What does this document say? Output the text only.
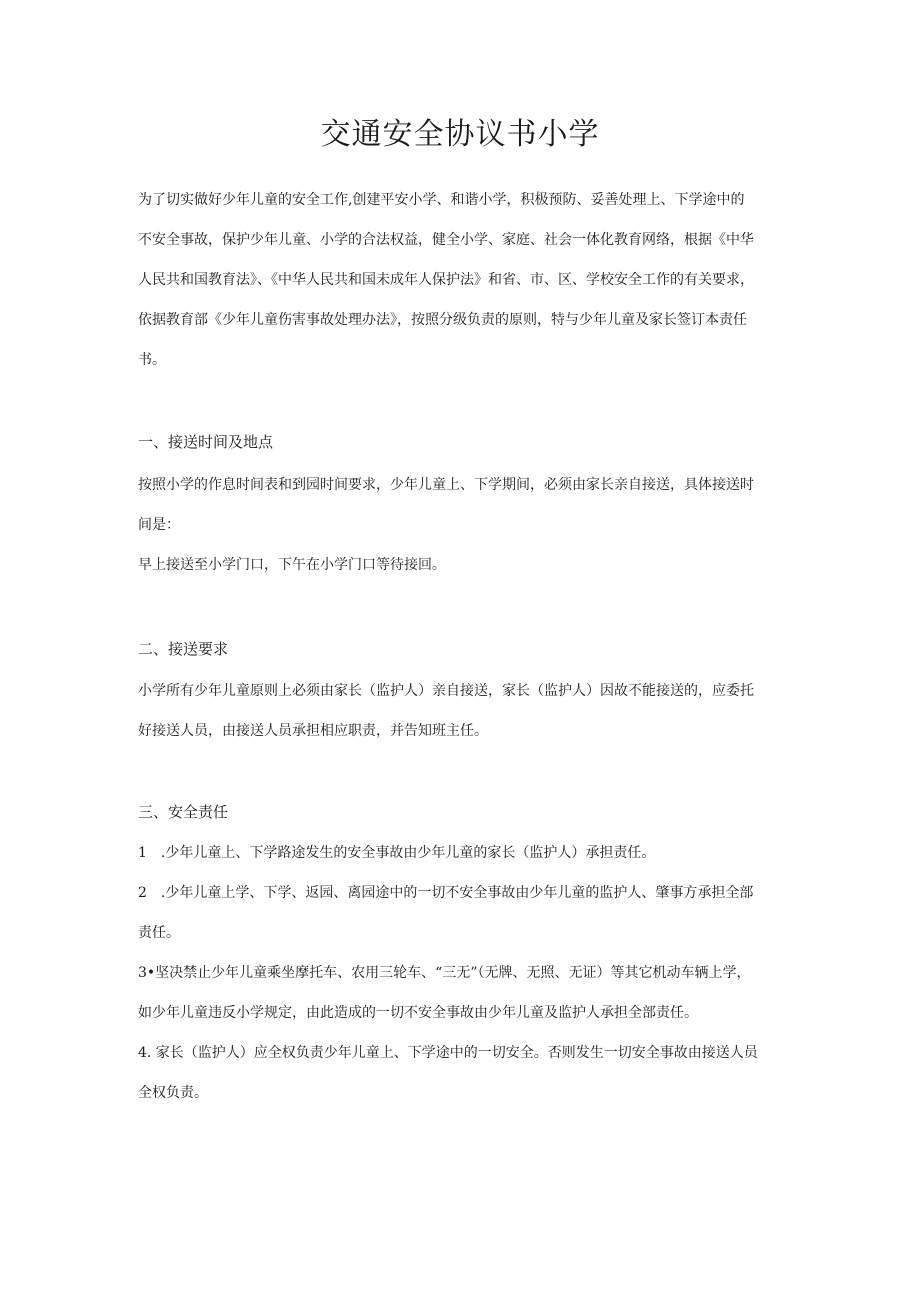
交通安全协议书小学
为了切实做好少年儿童的安全工作,创建平安小学、和谐小学，积极预防、妥善处理上、下学途中的
不安全事故，保护少年儿童、小学的合法权益，健全小学、家庭、社会一体化教育网络，根据《中华
人民共和国教育法》、《中华人民共和国未成年人保护法》和省、市、区、学校安全工作的有关要求，
依据教育部《少年儿童伤害事故处理办法》，按照分级负责的原则，特与少年儿童及家长签订本责任
书。
一、接送时间及地点
按照小学的作息时间表和到园时间要求，少年儿童上、下学期间，必须由家长亲自接送，具体接送时
间是：
早上接送至小学门口，下午在小学门口等待接回。
二、接送要求
小学所有少年儿童原则上必须由家长（监护人）亲自接送，家长（监护人）因故不能接送的，应委托
好接送人员，由接送人员承担相应职责，并告知班主任。
三、安全责任
1　.少年儿童上、下学路途发生的安全事故由少年儿童的家长（监护人）承担责任。
2　.少年儿童上学、下学、返园、离园途中的一切不安全事故由少年儿童的监护人、肇事方承担全部
责任。
3•坚决禁止少年儿童乘坐摩托车、农用三轮车、“三无”（无牌、无照、无证）等其它机动车辆上学，
如少年儿童违反小学规定，由此造成的一切不安全事故由少年儿童及监护人承担全部责任。
4. 家长（监护人）应全权负责少年儿童上、下学途中的一切安全。否则发生一切安全事故由接送人员
全权负责。
